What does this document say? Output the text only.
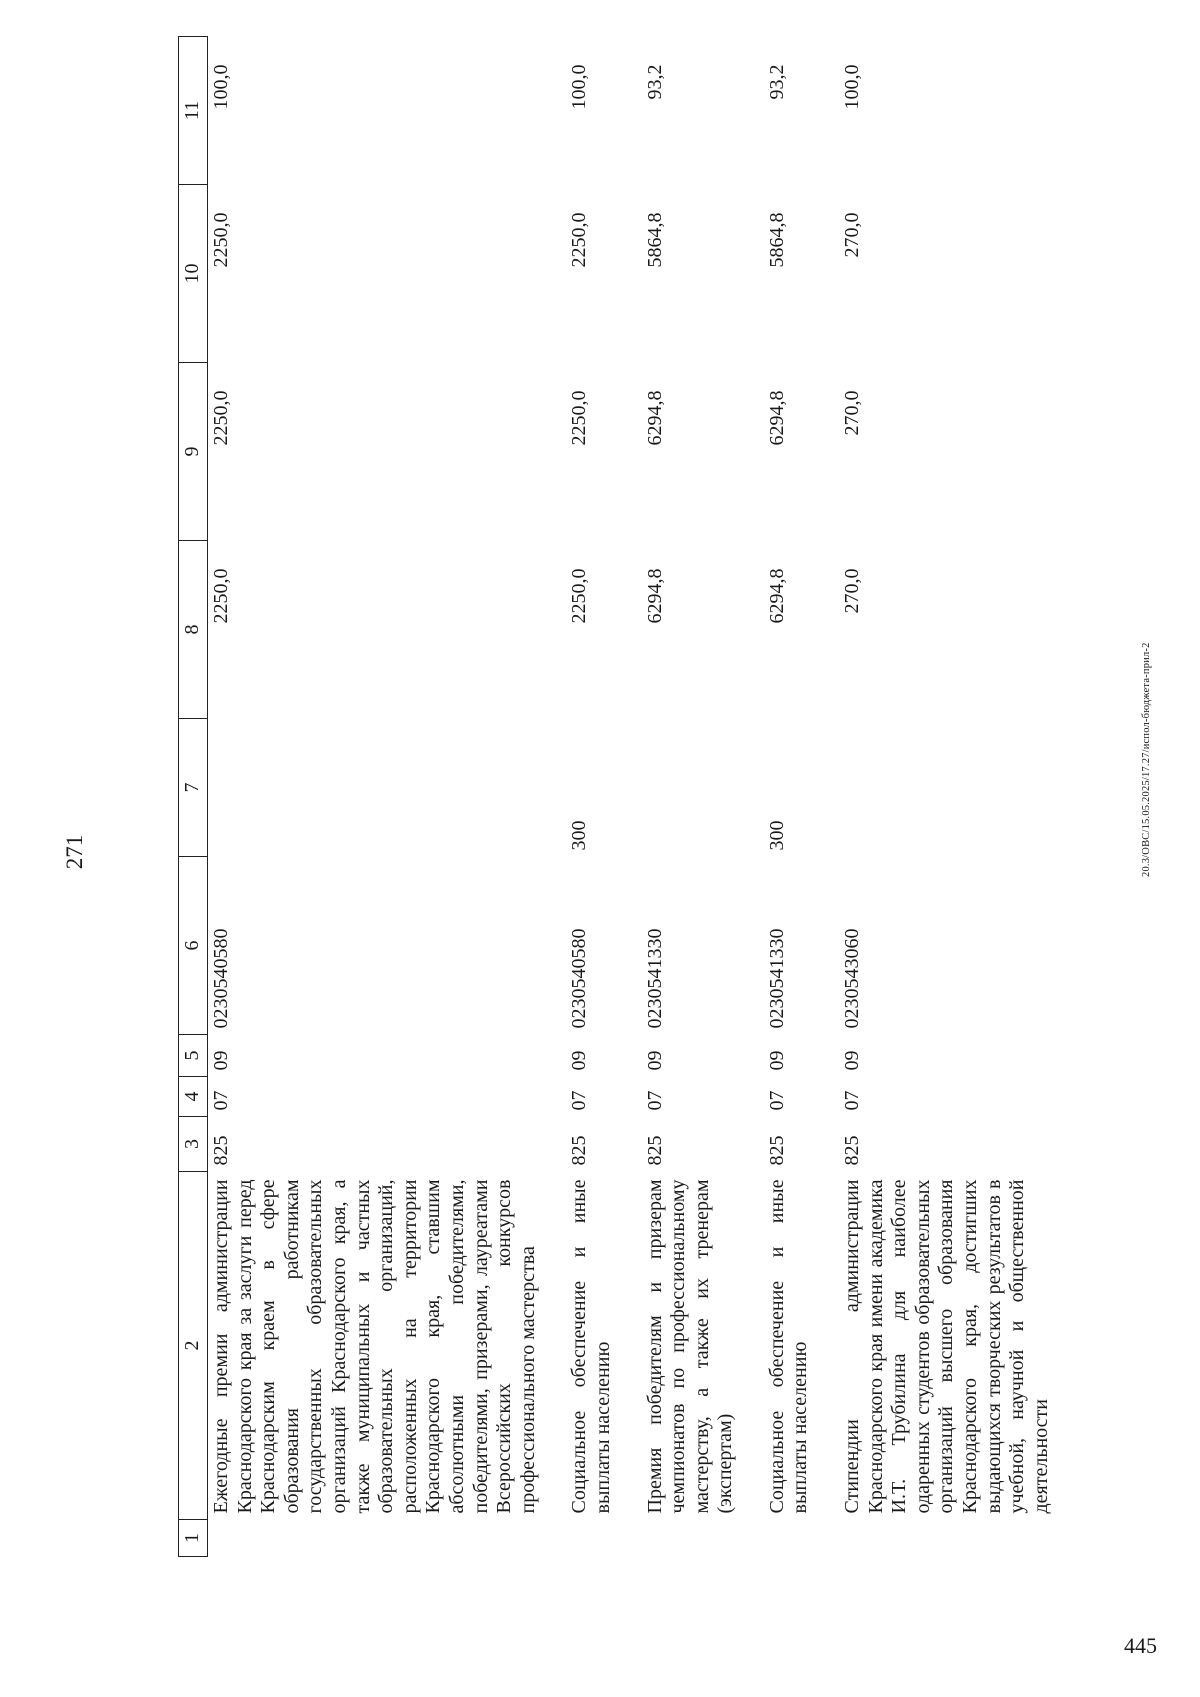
271
1	2	3	4	5	6	7	8	9	10	11
	Ежегодные премии администрации Краснодарского края за заслуги перед Краснодарским краем в сфере образования работникам государственных образовательных организаций Краснодарского края, а также муниципальных и частных образовательных организаций, расположенных на территории Краснодарского края, ставшим абсолютными победителями, победителями, призерами, лауреатами Всероссийских конкурсов профессионального мастерства	825	07	09	0230540580		2250,0	2250,0	2250,0	100,0

	Социальное обеспечение и иные выплаты населению	825	07	09	0230540580	300	2250,0	2250,0	2250,0	100,0

	Премия победителям и призерам чемпионатов по профессиональному мастерству, а также их тренерам (экспертам)	825	07	09	0230541330		6294,8	6294,8	5864,8	93,2

	Социальное обеспечение и иные выплаты населению	825	07	09	0230541330	300	6294,8	6294,8	5864,8	93,2

	Стипендии администрации Краснодарского края имени академика И.Т. Трубилина для наиболее одаренных студентов образовательных организаций высшего образования Краснодарского края, достигших выдающихся творческих результатов в учебной, научной и общественной деятельности	825	07	09	0230543060		270,0	270,0	270,0	100,0
20.3/ОВС/15.05.2025/17.27/испол-бюджета-прил-2
445
